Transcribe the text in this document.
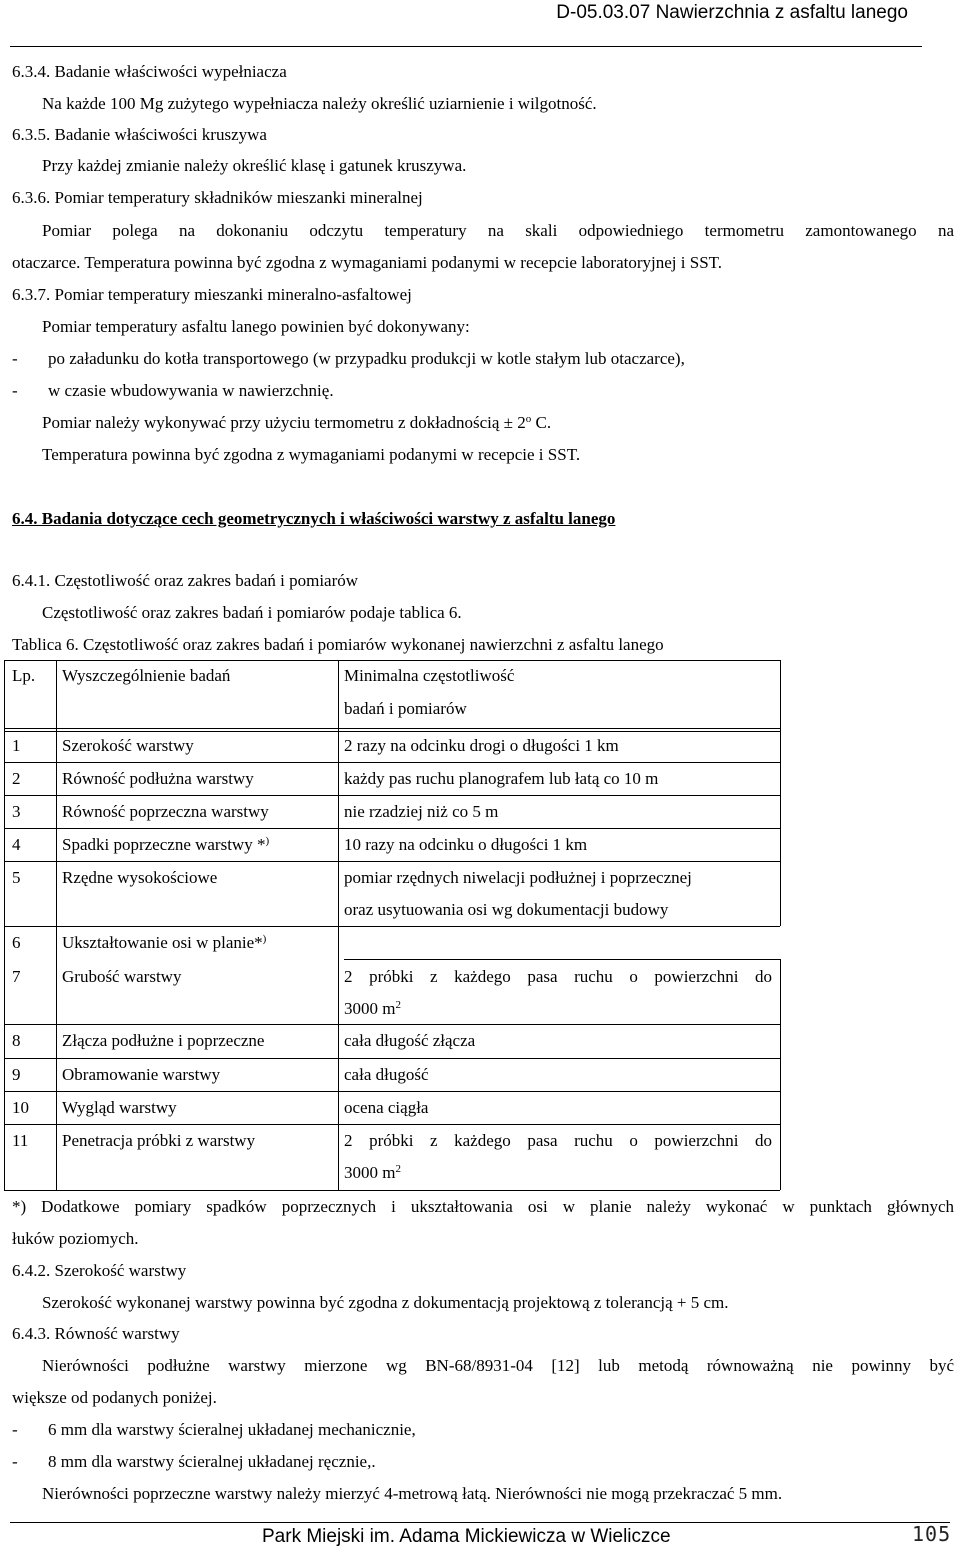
D-05.03.07 Nawierzchnia z asfaltu lanego
6.3.4. Badanie właściwości wypełniacza
Na każde 100 Mg zużytego wypełniacza należy określić uziarnienie i wilgotność.
6.3.5. Badanie właściwości kruszywa
Przy każdej zmianie należy określić klasę i gatunek kruszywa.
6.3.6. Pomiar temperatury składników mieszanki mineralnej
Pomiar polega na dokonaniu odczytu temperatury na skali odpowiedniego termometru zamontowanego na
otaczarce. Temperatura powinna być zgodna z wymaganiami podanymi w recepcie laboratoryjnej i SST.
6.3.7. Pomiar temperatury mieszanki mineralno-asfaltowej
Pomiar temperatury asfaltu lanego powinien być dokonywany:
- po załadunku do kotła transportowego (w przypadku produkcji w kotle stałym lub otaczarce),
- w czasie wbudowywania w nawierzchnię.
Pomiar należy wykonywać przy użyciu termometru z dokładnością ± $2^o$ C.
Temperatura powinna być zgodna z wymaganiami podanymi w recepcie i SST.
6.4. Badania dotyczące cech geometrycznych i właściwości warstwy z asfaltu lanego
6.4.1. Częstotliwość oraz zakres badań i pomiarów
Częstotliwość oraz zakres badań i pomiarów podaje tablica 6.
Tablica 6. Częstotliwość oraz zakres badań i pomiarów wykonanej nawierzchni z asfaltu lanego
Lp. Wyszczególnienie badań	Minimalna częstotliwość
badań i pomiarów
1 Szerokość warstwy	2 razy na odcinku drogi o długości 1 km
2 Równość podłużna warstwy	każdy pas ruchu planografem lub łatą co 10 m
3 Równość poprzeczna warstwy	nie rzadziej niż co 5 m
4 Spadki poprzeczne warstwy *)	10 razy na odcinku o długości 1 km
5 Rzędne wysokościowe	pomiar rzędnych niwelacji podłużnej i poprzecznej
oraz usytuowania osi wg dokumentacji budowy
6 Ukształtowanie osi w planie*)
7 Grubość warstwy	2 próbki z każdego pasa ruchu o powierzchni do
3000 $m^2$
8 Złącza podłużne i poprzeczne	cała długość złącza
9 Obramowanie warstwy	cała długość
10 Wygląd warstwy	ocena ciągła
11 Penetracja próbki z warstwy	2 próbki z każdego pasa ruchu o powierzchni do
3000 $m^2$
*) Dodatkowe pomiary spadków poprzecznych i ukształtowania osi w planie należy wykonać w punktach głównych
łuków poziomych.
6.4.2. Szerokość warstwy
Szerokość wykonanej warstwy powinna być zgodna z dokumentacją projektową z tolerancją + 5 cm.
6.4.3. Równość warstwy
Nierówności podłużne warstwy mierzone wg BN-68/8931-04 [12] lub metodą równoważną nie powinny być
większe od podanych poniżej.
- 6 mm dla warstwy ścieralnej układanej mechanicznie,
- 8 mm dla warstwy ścieralnej układanej ręcznie,.
Nierówności poprzeczne warstwy należy mierzyć 4-metrową łatą. Nierówności nie mogą przekraczać 5 mm.
Park Miejski im. Adama Mickiewicza w Wieliczce	105
